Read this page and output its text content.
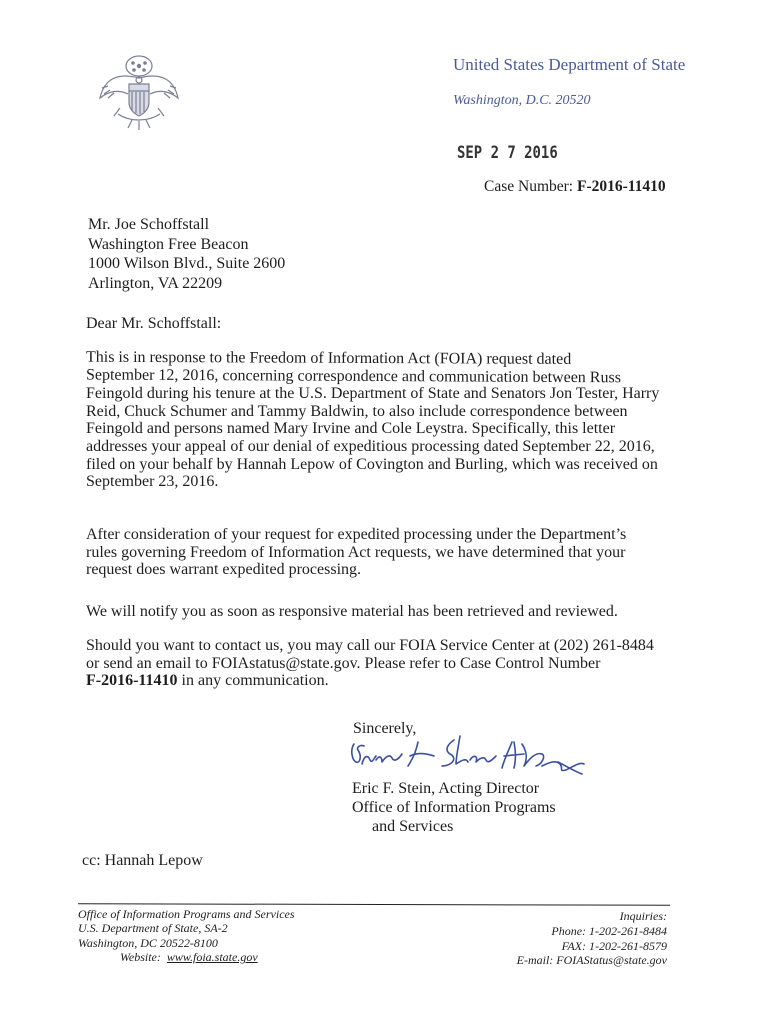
United States Department of State
Washington, D.C. 20520
SEP 2 7 2016
Case Number: F-2016-11410
Mr. Joe Schoffstall
Washington Free Beacon
1000 Wilson Blvd., Suite 2600
Arlington, VA 22209
Dear Mr. Schoffstall:
This is in response to the Freedom of Information Act (FOIA) request dated
September 12, 2016, concerning correspondence and communication between Russ
Feingold during his tenure at the U.S. Department of State and Senators Jon Tester, Harry
Reid, Chuck Schumer and Tammy Baldwin, to also include correspondence between
Feingold and persons named Mary Irvine and Cole Leystra. Specifically, this letter
addresses your appeal of our denial of expeditious processing dated September 22, 2016,
filed on your behalf by Hannah Lepow of Covington and Burling, which was received on
September 23, 2016.
After consideration of your request for expedited processing under the Department’s
rules governing Freedom of Information Act requests, we have determined that your
request does warrant expedited processing.
We will notify you as soon as responsive material has been retrieved and reviewed.
Should you want to contact us, you may call our FOIA Service Center at (202) 261-8484
or send an email to FOIAstatus@state.gov. Please refer to Case Control Number
F-2016-11410 in any communication.
Sincerely,
Eric F. Stein, Acting Director
Office of Information Programs
and Services
cc: Hannah Lepow
Office of Information Programs and Services
U.S. Department of State, SA-2
Washington, DC 20522-8100
Website: www.foia.state.gov
Inquiries:
Phone: 1-202-261-8484
FAX: 1-202-261-8579
E-mail: FOIAStatus@state.gov
